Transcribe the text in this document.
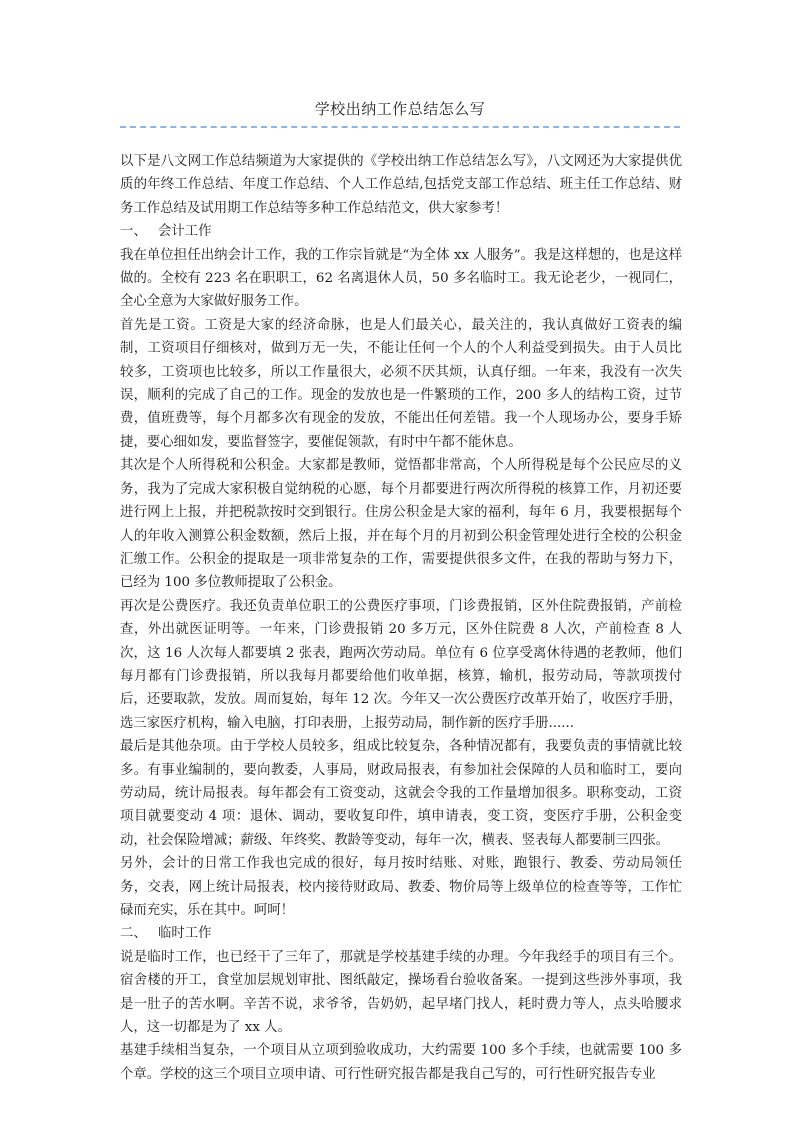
学校出纳工作总结怎么写

以下是八文网工作总结频道为大家提供的《学校出纳工作总结怎么写》，八文网还为大家提供优质的年终工作总结、年度工作总结、个人工作总结,包括党支部工作总结、班主任工作总结、财务工作总结及试用期工作总结等多种工作总结范文，供大家参考！

一、 会计工作

我在单位担任出纳会计工作，我的工作宗旨就是“为全体 xx 人服务”。我是这样想的，也是这样做的。全校有 223 名在职职工，62 名离退休人员，50 多名临时工。我无论老少，一视同仁，全心全意为大家做好服务工作。

首先是工资。工资是大家的经济命脉，也是人们最关心，最关注的，我认真做好工资表的编制，工资项目仔细核对，做到万无一失，不能让任何一个人的个人利益受到损失。由于人员比较多，工资项也比较多，所以工作量很大，必须不厌其烦，认真仔细。一年来，我没有一次失误，顺利的完成了自己的工作。现金的发放也是一件繁琐的工作，200 多人的结构工资，过节费，值班费等，每个月都多次有现金的发放，不能出任何差错。我一个人现场办公，要身手矫捷，要心细如发，要监督签字，要催促领款，有时中午都不能休息。

其次是个人所得税和公积金。大家都是教师，觉悟都非常高，个人所得税是每个公民应尽的义务，我为了完成大家积极自觉纳税的心愿，每个月都要进行两次所得税的核算工作，月初还要进行网上上报，并把税款按时交到银行。住房公积金是大家的福利，每年 6 月，我要根据每个人的年收入测算公积金数额，然后上报，并在每个月的月初到公积金管理处进行全校的公积金汇缴工作。公积金的提取是一项非常复杂的工作，需要提供很多文件，在我的帮助与努力下，已经为 100 多位教师提取了公积金。

再次是公费医疗。我还负责单位职工的公费医疗事项，门诊费报销，区外住院费报销，产前检查，外出就医证明等。一年来，门诊费报销 20 多万元，区外住院费 8 人次，产前检查 8 人次，这 16 人次每人都要填 2 张表，跑两次劳动局。单位有 6 位享受离休待遇的老教师，他们每月都有门诊费报销，所以我每月都要给他们收单据，核算，输机，报劳动局，等款项拨付后，还要取款，发放。周而复始，每年 12 次。今年又一次公费医疗改革开始了，收医疗手册，选三家医疗机构，输入电脑，打印表册，上报劳动局，制作新的医疗手册......

最后是其他杂项。由于学校人员较多，组成比较复杂，各种情况都有，我要负责的事情就比较多。有事业编制的，要向教委，人事局，财政局报表，有参加社会保障的人员和临时工，要向劳动局，统计局报表。每年都会有工资变动，这就会令我的工作量增加很多。职称变动，工资项目就要变动 4 项：退休、调动，要收复印件，填申请表，变工资，变医疗手册，公积金变动，社会保险增减；薪级、年终奖、教龄等变动，每年一次，横表、竖表每人都要制三四张。

另外，会计的日常工作我也完成的很好，每月按时结账、对账，跑银行、教委、劳动局领任务，交表，网上统计局报表，校内接待财政局、教委、物价局等上级单位的检查等等，工作忙碌而充实，乐在其中。呵呵！

二、 临时工作

说是临时工作，也已经干了三年了，那就是学校基建手续的办理。今年我经手的项目有三个。宿舍楼的开工，食堂加层规划审批、图纸敲定，操场看台验收备案。一提到这些涉外事项，我是一肚子的苦水啊。辛苦不说，求爷爷，告奶奶，起早堵门找人，耗时费力等人，点头哈腰求人，这一切都是为了 xx 人。

基建手续相当复杂，一个项目从立项到验收成功，大约需要 100 多个手续，也就需要 100 多个章。学校的这三个项目立项申请、可行性研究报告都是我自己写的，可行性研究报告专业
